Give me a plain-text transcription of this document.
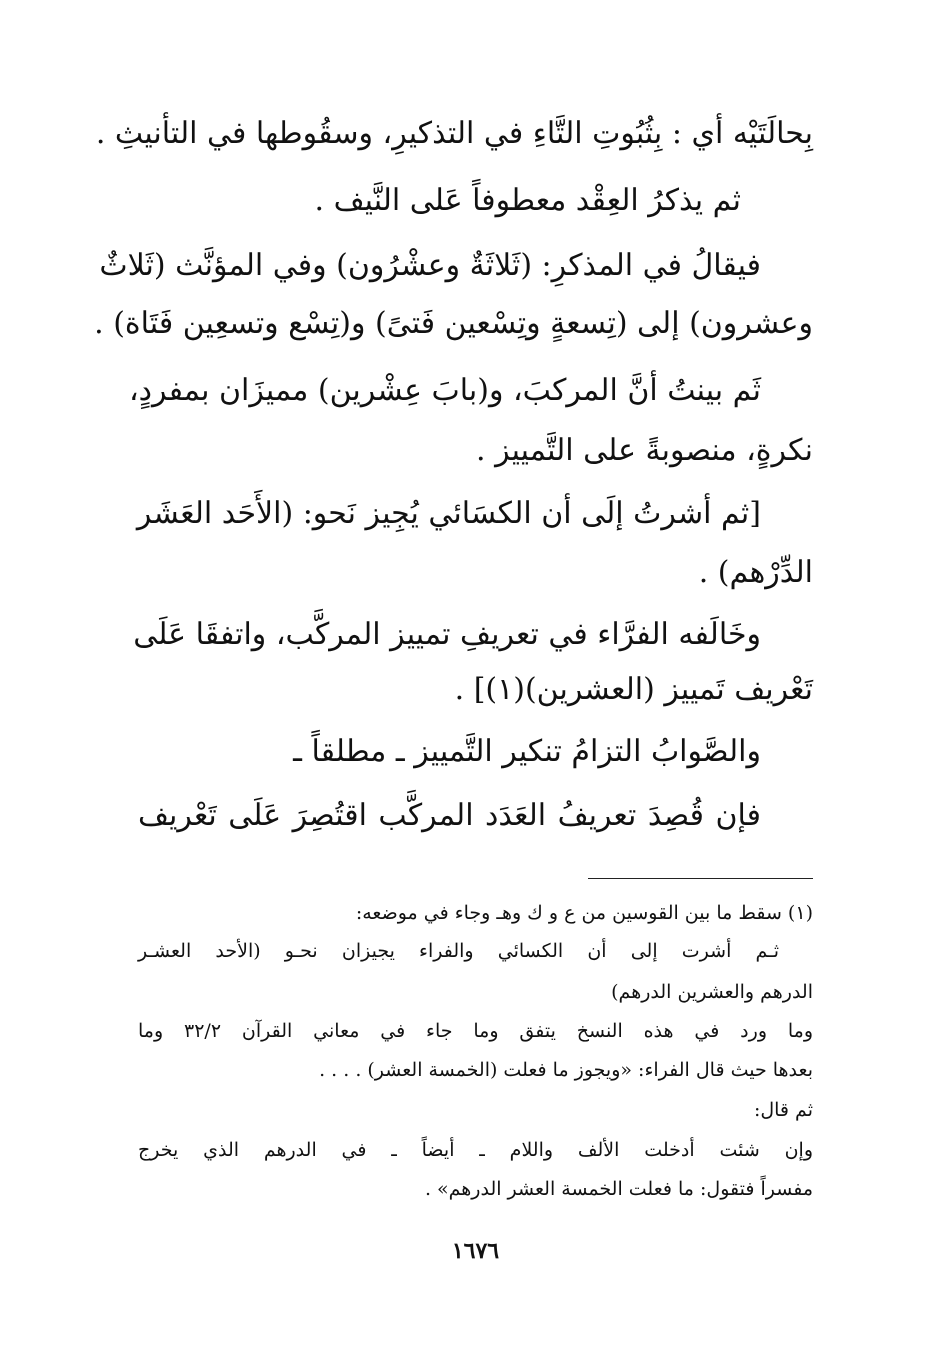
بِحالَتَيْه أي : بِثُبُوتِ التَّاءِ في التذكيرِ، وسقُوطها في التأنيثِ .
ثم يذكرُ العِقْد معطوفاً عَلى النَّيف .
فيقالُ في المذكرِ: (ثَلاثَةٌ وعشْرُون) وفي المؤنَّث (ثَلاثٌ
وعشرون) إلى (تِسعةٍ وتِسْعين فَتىً) و(تِسْع وتسعِين فَتَاة) .
ثَم بينتُ أنَّ المركبَ، و(بابَ عِشْرين) مميزَان بمفردٍ،
نكرةٍ، منصوبةً على التَّمييز .
[ثم أشرتُ إلَى أن الكسَائي يُجِيز نَحو: (الأَحَد العَشَر
الدِّرْهم) .
وخَالَفه الفرَّاء في تعريفِ تمييز المركَّب، واتفقَا عَلَى
تَعْريف تَمييز (العشرين)(١)] .
والصَّوابُ التزامُ تنكير التَّمييز ـ مطلقاً ـ
فإن قُصِدَ تعريفُ العَدَد المركَّب اقتُصِرَ عَلَى تَعْريف
(١) سقط ما بين القوسين من ع و ك وهـ وجاء في موضعه:
ثـم أشرت إلى أن الكسائي والفراء يجيزان نحـو (الأحد العشـر
الدرهم والعشرين الدرهم)
وما ورد في هذه النسخ يتفق وما جاء في معاني القرآن ٣٢/٢ وما
بعدها حيث قال الفراء: «ويجوز ما فعلت (الخمسة العشر) . . . .
ثم قال:
وإن شئت أدخلت الألف واللام ـ أيضاً ـ في الدرهم الذي يخرج
مفسراً فتقول: ما فعلت الخمسة العشر الدرهم» .
١٦٧٦
